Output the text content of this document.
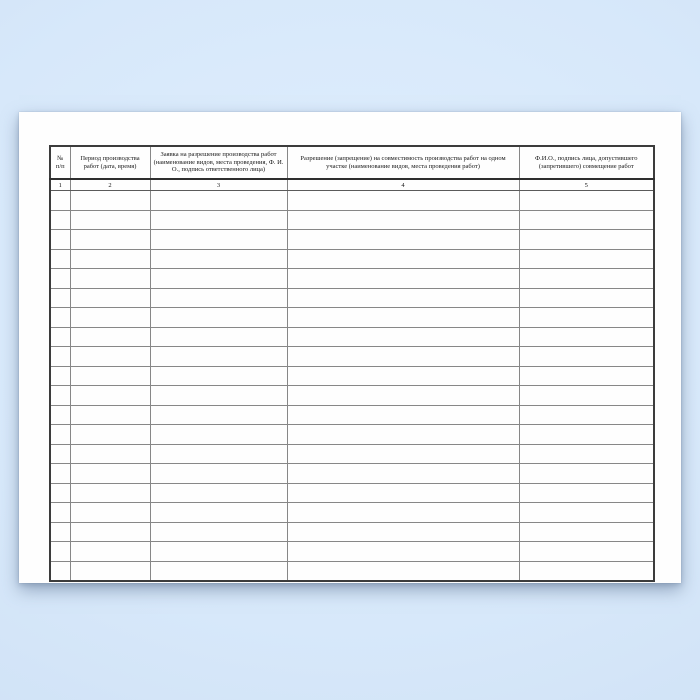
№ п/п	Период производства работ (дата, время)	Заявка на разрешение производства работ (наименование видов, места проведения, Ф. И. О., подпись ответственного лица)	Разрешение (запрещение) на совместимость производства работ на одном участке (наименование видов, места проведения работ)	Ф.И.О., подпись лица, допустившего (запретившего) совмещение работ
1	2	3	4	5
